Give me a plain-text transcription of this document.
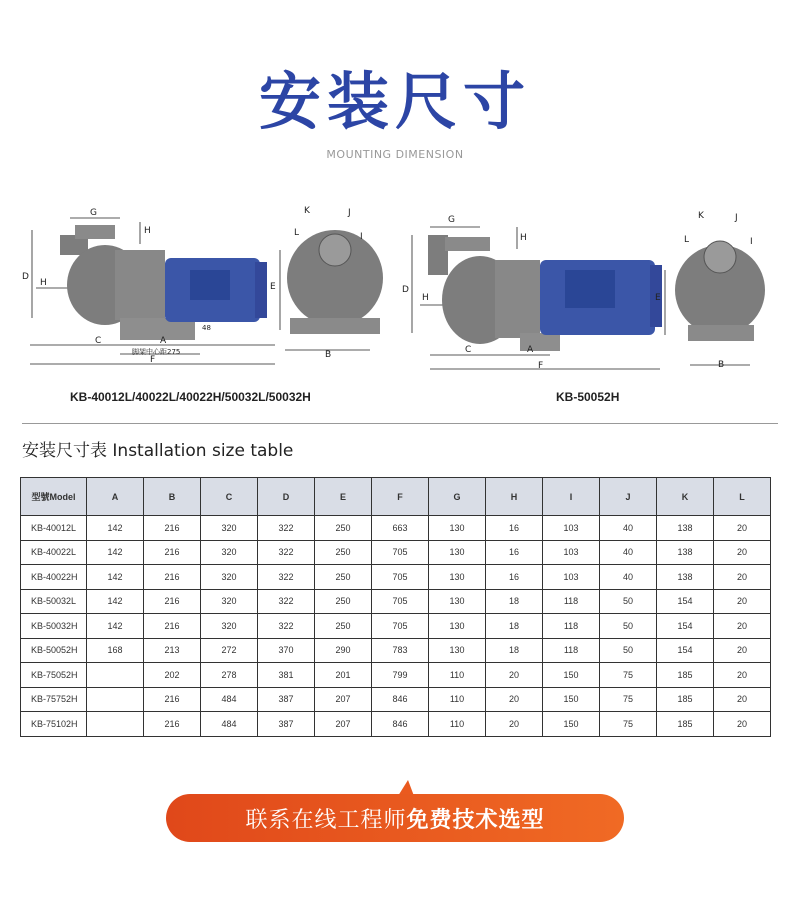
安装尺寸
MOUNTING DIMENSION
G
H
D
H
C	A
F
48
脚架中心距275
K	J
L	I
E
B
G
H
D
H
C	A
F
K	J
L	I
E
B
KB-40012L/40022L/40022H/50032L/50032H	KB-50052H
安装尺寸表 Installation size table
型號Model	A	B	C	D	E	F	G	H	I	J	K	L
KB-40012L	142	216	320	322	250	663	130	16	103	40	138	20
KB-40022L	142	216	320	322	250	705	130	16	103	40	138	20
KB-40022H	142	216	320	322	250	705	130	16	103	40	138	20
KB-50032L	142	216	320	322	250	705	130	18	118	50	154	20
KB-50032H	142	216	320	322	250	705	130	18	118	50	154	20
KB-50052H	168	213	272	370	290	783	130	18	118	50	154	20
KB-75052H		202	278	381	201	799	110	20	150	75	185	20
KB-75752H		216	484	387	207	846	110	20	150	75	185	20
KB-75102H		216	484	387	207	846	110	20	150	75	185	20
联系在线工程师 免费技术选型
